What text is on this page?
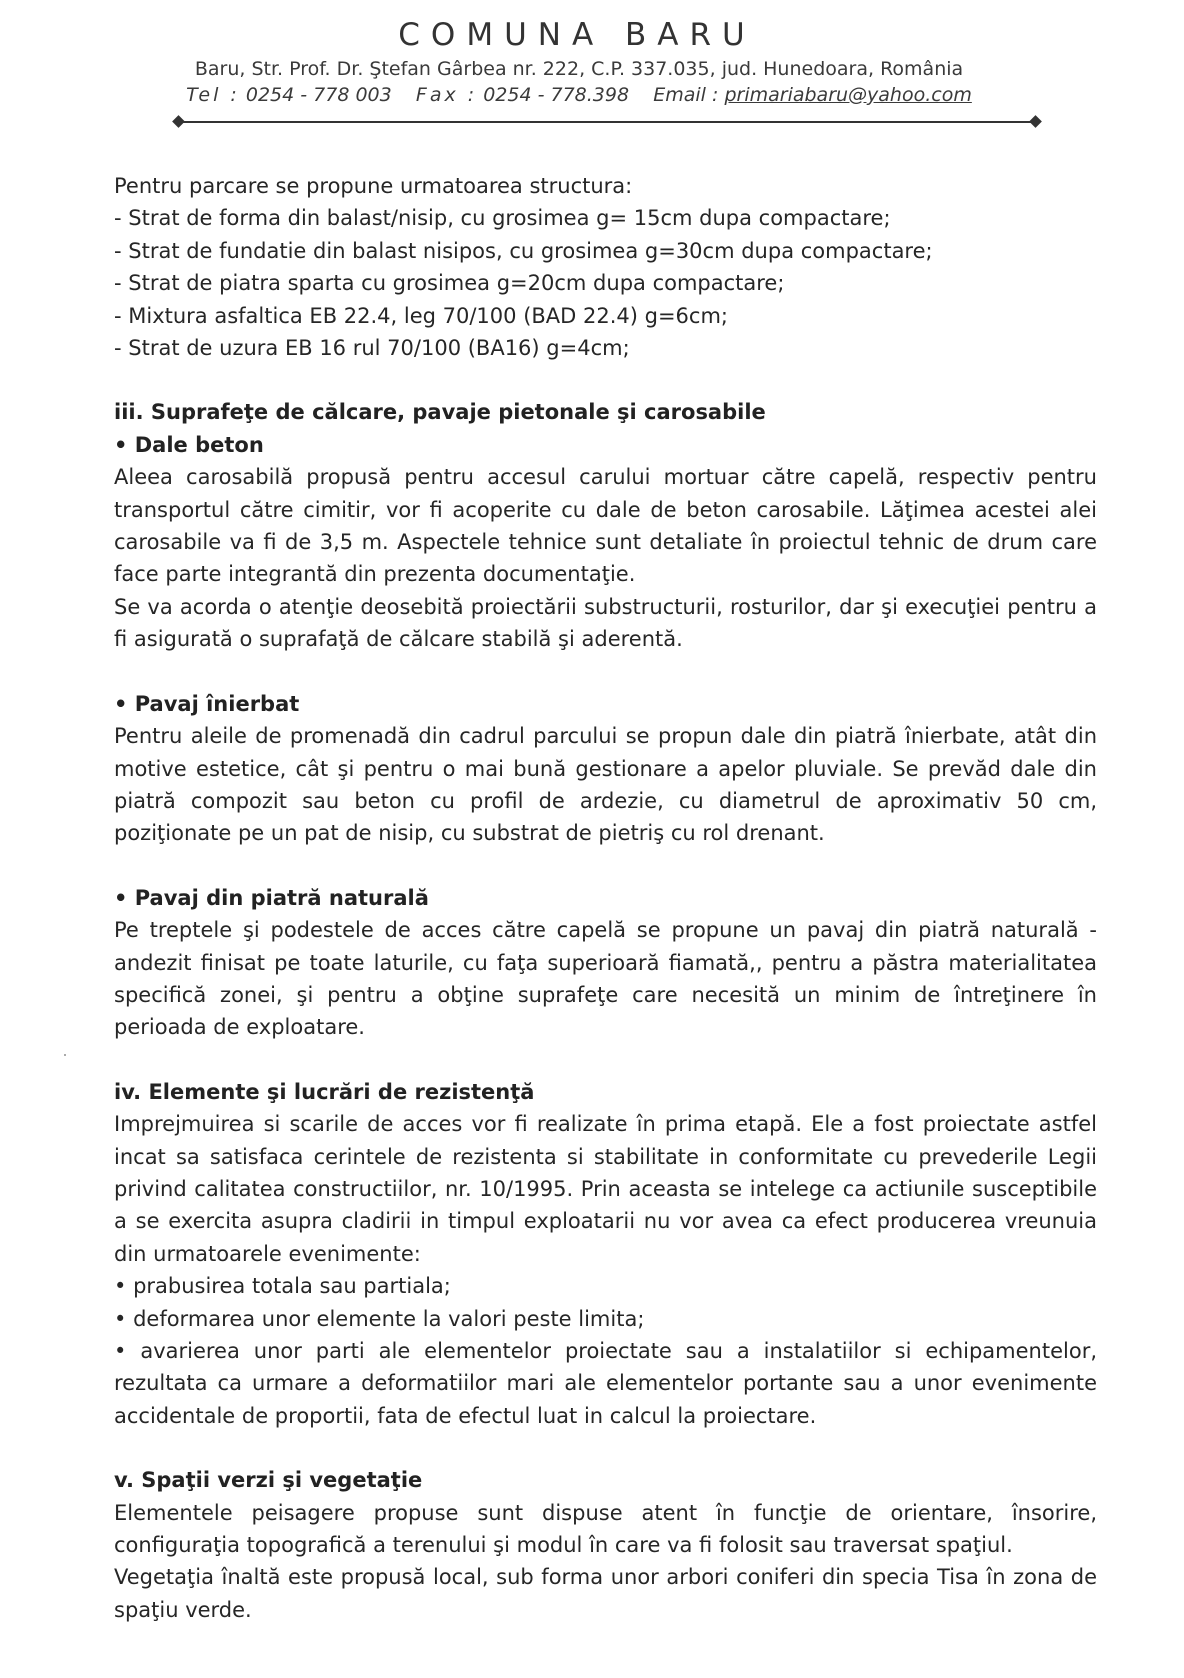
COMUNA BARU
Baru, Str. Prof. Dr. Ştefan Gârbea nr. 222, C.P. 337.035, jud. Hunedoara, România
Tel : 0254 - 778 003 Fax : 0254 - 778.398 Email : primariabaru@yahoo.com

Pentru parcare se propune urmatoarea structura:

- Strat de forma din balast/nisip, cu grosimea g= 15cm dupa compactare;

- Strat de fundatie din balast nisipos, cu grosimea g=30cm dupa compactare;

- Strat de piatra sparta cu grosimea g=20cm dupa compactare;

- Mixtura asfaltica EB 22.4, leg 70/100 (BAD 22.4) g=6cm;

- Strat de uzura EB 16 rul 70/100 (BA16) g=4cm;

iii. Suprafeţe de călcare, pavaje pietonale şi carosabile

• Dale beton

Aleea carosabilă propusă pentru accesul carului mortuar către capelă, respectiv pentru transportul către cimitir, vor fi acoperite cu dale de beton carosabile. Lăţimea acestei alei carosabile va fi de 3,5 m. Aspectele tehnice sunt detaliate în proiectul tehnic de drum care face parte integrantă din prezenta documentaţie.

Se va acorda o atenţie deosebită proiectării substructurii, rosturilor, dar şi execuţiei pentru a fi asigurată o suprafaţă de călcare stabilă şi aderentă.

• Pavaj înierbat

Pentru aleile de promenadă din cadrul parcului se propun dale din piatră înierbate, atât din motive estetice, cât şi pentru o mai bună gestionare a apelor pluviale. Se prevăd dale din piatră compozit sau beton cu profil de ardezie, cu diametrul de aproximativ 50 cm, poziţionate pe un pat de nisip, cu substrat de pietriş cu rol drenant.

• Pavaj din piatră naturală

Pe treptele şi podestele de acces către capelă se propune un pavaj din piatră naturală - andezit finisat pe toate laturile, cu faţa superioară fiamată,, pentru a păstra materialitatea specifică zonei, şi pentru a obţine suprafeţe care necesită un minim de întreţinere în perioada de exploatare.

iv. Elemente şi lucrări de rezistenţă

Imprejmuirea si scarile de acces vor fi realizate în prima etapă. Ele a fost proiectate astfel incat sa satisfaca cerintele de rezistenta si stabilitate in conformitate cu prevederile Legii privind calitatea constructiilor, nr. 10/1995. Prin aceasta se intelege ca actiunile susceptibile a se exercita asupra cladirii in timpul exploatarii nu vor avea ca efect producerea vreunuia din urmatoarele evenimente:

• prabusirea totala sau partiala;

• deformarea unor elemente la valori peste limita;

• avarierea unor parti ale elementelor proiectate sau a instalatiilor si echipamentelor, rezultata ca urmare a deformatiilor mari ale elementelor portante sau a unor evenimente accidentale de proportii, fata de efectul luat in calcul la proiectare.

v. Spaţii verzi şi vegetaţie

Elementele peisagere propuse sunt dispuse atent în funcţie de orientare, însorire, configuraţia topografică a terenului şi modul în care va fi folosit sau traversat spaţiul.

Vegetaţia înaltă este propusă local, sub forma unor arbori coniferi din specia Tisa în zona de spaţiu verde.
